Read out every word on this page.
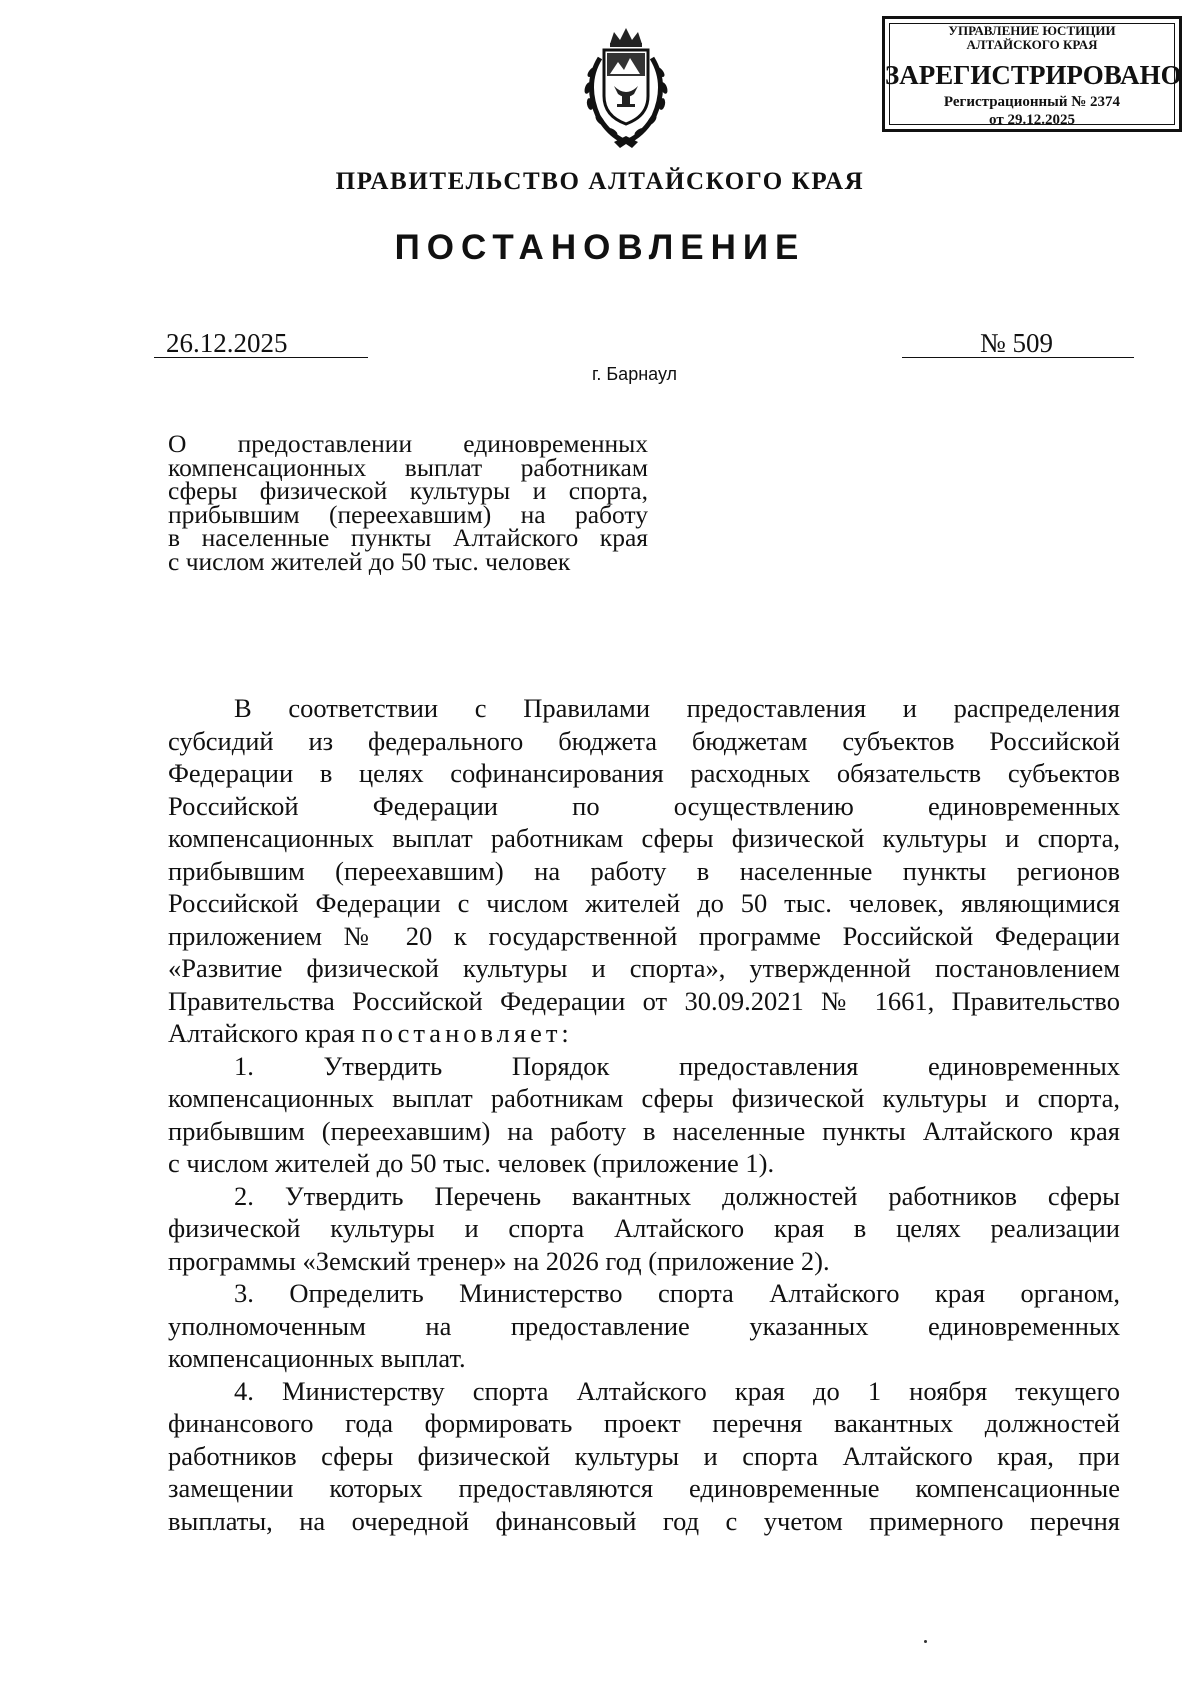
УПРАВЛЕНИЕ ЮСТИЦИИ
АЛТАЙСКОГО КРАЯ
ЗАРЕГИСТРИРОВАНО
Регистрационный № 2374
от 29.12.2025
ПРАВИТЕЛЬСТВО АЛТАЙСКОГО КРАЯ
ПОСТАНОВЛЕНИЕ
26.12.2025	№ 509
г. Барнаул
О предоставлении единовременных
компенсационных выплат работникам
сферы физической культуры и спорта,
прибывшим (переехавшим) на работу
в населенные пункты Алтайского края
с числом жителей до 50 тыс. человек
В соответствии с Правилами предоставления и распределения
субсидий из федерального бюджета бюджетам субъектов Российской
Федерации в целях софинансирования расходных обязательств субъектов
Российской Федерации по осуществлению единовременных
компенсационных выплат работникам сферы физической культуры и спорта,
прибывшим (переехавшим) на работу в населенные пункты регионов
Российской Федерации с числом жителей до 50 тыс. человек, являющимися
приложением № 20 к государственной программе Российской Федерации
«Развитие физической культуры и спорта», утвержденной постановлением
Правительства Российской Федерации от 30.09.2021 № 1661, Правительство
Алтайского края постановляет:
1. Утвердить Порядок предоставления единовременных
компенсационных выплат работникам сферы физической культуры и спорта,
прибывшим (переехавшим) на работу в населенные пункты Алтайского края
с числом жителей до 50 тыс. человек (приложение 1).
2. Утвердить Перечень вакантных должностей работников сферы
физической культуры и спорта Алтайского края в целях реализации
программы «Земский тренер» на 2026 год (приложение 2).
3. Определить Министерство спорта Алтайского края органом,
уполномоченным на предоставление указанных единовременных
компенсационных выплат.
4. Министерству спорта Алтайского края до 1 ноября текущего
финансового года формировать проект перечня вакантных должностей
работников сферы физической культуры и спорта Алтайского края, при
замещении которых предоставляются единовременные компенсационные
выплаты, на очередной финансовый год с учетом примерного перечня
